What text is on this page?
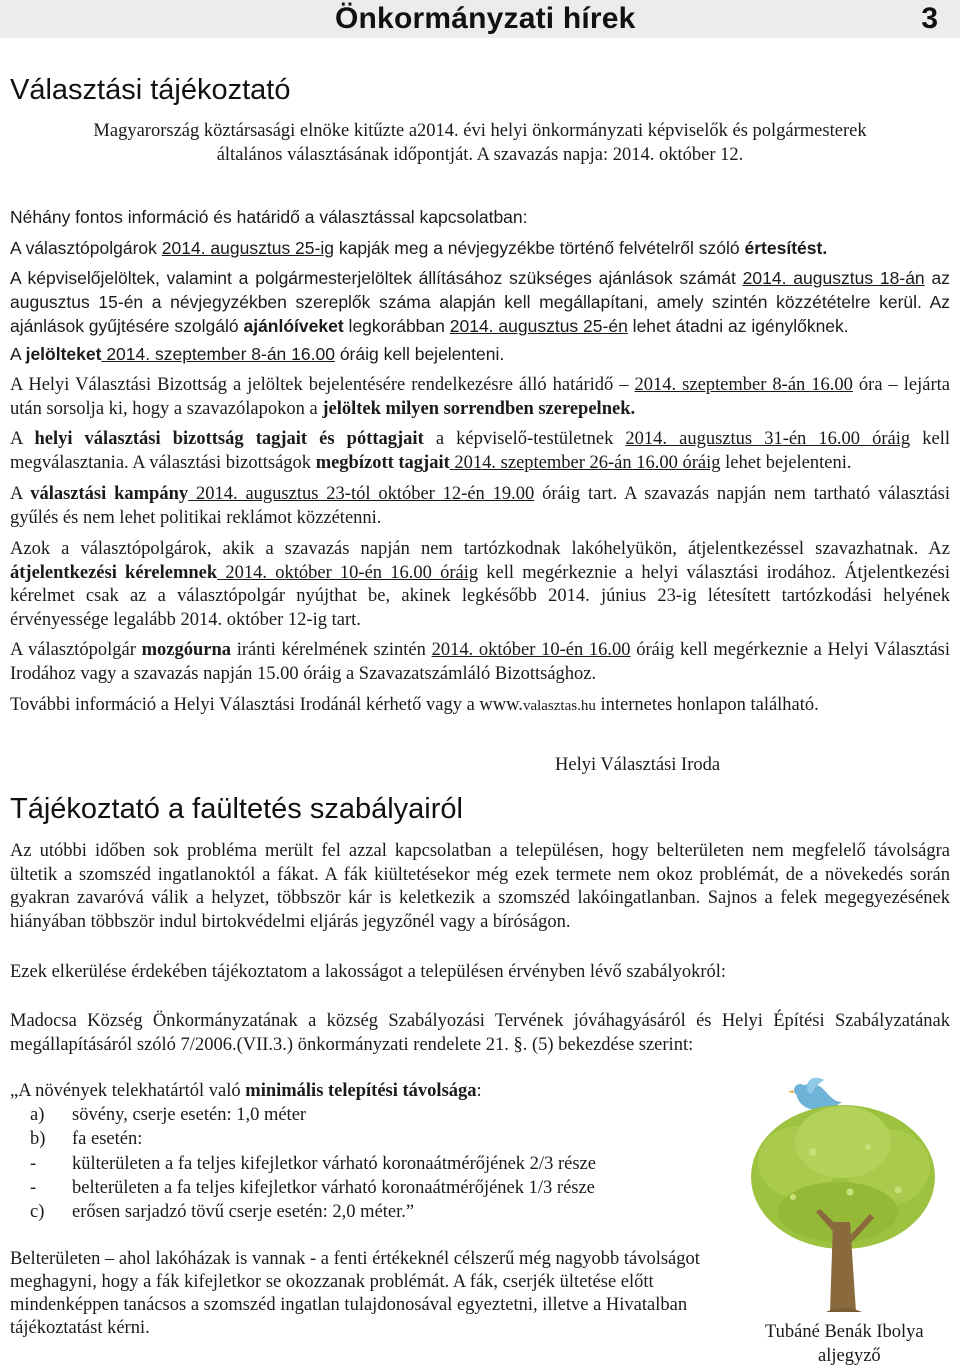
Önkormányzati hírek	3
Választási tájékoztató
Magyarország köztársasági elnöke kitűzte a2014. évi helyi önkormányzati képviselők és polgármesterek
általános választásának időpontját. A szavazás napja: 2014. október 12.
Néhány fontos információ és határidő a választással kapcsolatban:
A választópolgárok 2014. augusztus 25-ig kapják meg a névjegyzékbe történő felvételről szóló értesítést.
A képviselőjelöltek, valamint a polgármesterjelöltek állításához szükséges ajánlások számát 2014. augusztus 18-án az augusztus 15-én a névjegyzékben szereplők száma alapján kell megállapítani, amely szintén közzétételre kerül. Az ajánlások gyűjtésére szolgáló ajánlóíveket legkorábban 2014. augusztus 25-én lehet átadni az igénylőknek.
A jelölteket 2014. szeptember 8-án 16.00 óráig kell bejelenteni.
A Helyi Választási Bizottság a jelöltek bejelentésére rendelkezésre álló határidő – 2014. szeptember 8-án 16.00 óra – lejárta után sorsolja ki, hogy a szavazólapokon a jelöltek milyen sorrendben szerepelnek.
A helyi választási bizottság tagjait és póttagjait a képviselő-testületnek 2014. augusztus 31-én 16.00 óráig kell megválasztania. A választási bizottságok megbízott tagjait 2014. szeptember 26-án 16.00 óráig lehet bejelenteni.
A választási kampány 2014. augusztus 23-tól október 12-én 19.00 óráig tart. A szavazás napján nem tartható választási gyűlés és nem lehet politikai reklámot közzétenni.
Azok a választópolgárok, akik a szavazás napján nem tartózkodnak lakóhelyükön, átjelentkezéssel szavazhatnak. Az átjelentkezési kérelemnek 2014. október 10-én 16.00 óráig kell megérkeznie a helyi választási irodához. Átjelentkezési kérelmet csak az a választópolgár nyújthat be, akinek legkésőbb 2014. június 23-ig létesített tartózkodási helyének érvényessége legalább 2014. október 12-ig tart.
A választópolgár mozgóurna iránti kérelmének szintén 2014. október 10-én 16.00 óráig kell megérkeznie a Helyi Választási Irodához vagy a szavazás napján 15.00 óráig a Szavazatszámláló Bizottsághoz.
További információ a Helyi Választási Irodánál kérhető vagy a www.valasztas.hu internetes honlapon található.
Helyi Választási Iroda
Tájékoztató a faültetés szabályairól
Az utóbbi időben sok probléma merült fel azzal kapcsolatban a településen, hogy belterületen nem megfelelő távolságra ültetik a szomszéd ingatlanoktól a fákat. A fák kiültetésekor még ezek termete nem okoz problémát, de a növekedés során gyakran zavaróvá válik a helyzet, többször kár is keletkezik a szomszéd lakóingatlanban. Sajnos a felek megegyezésének hiányában többször indul birtokvédelmi eljárás jegyzőnél vagy a bíróságon.
Ezek elkerülése érdekében tájékoztatom a lakosságot a településen érvényben lévő szabályokról:
Madocsa Község Önkormányzatának a község Szabályozási Tervének jóváhagyásáról és Helyi Építési Szabályzatának megállapításáról szóló 7/2006.(VII.3.) önkormányzati rendelete 21. §. (5) bekezdése szerint:
„A növények telekhatártól való minimális telepítési távolsága:
a) sövény, cserje esetén: 1,0 méter
b) fa esetén:
- külterületen a fa teljes kifejletkor várható koronaátmérőjének 2/3 része
- belterületen a fa teljes kifejletkor várható koronaátmérőjének 1/3 része
c) erősen sarjadzó tövű cserje esetén: 2,0 méter.”
Belterületen – ahol lakóházak is vannak - a fenti értékeknél célszerű még nagyobb távolságot meghagyni, hogy a fák kifejletkor se okozzanak problémát. A fák, cserjék ültetése előtt mindenképpen tanácsos a szomszéd ingatlan tulajdonosával egyeztetni, illetve a Hivatalban tájékoztatást kérni.	Tubáné Benák Ibolya
aljegyző
